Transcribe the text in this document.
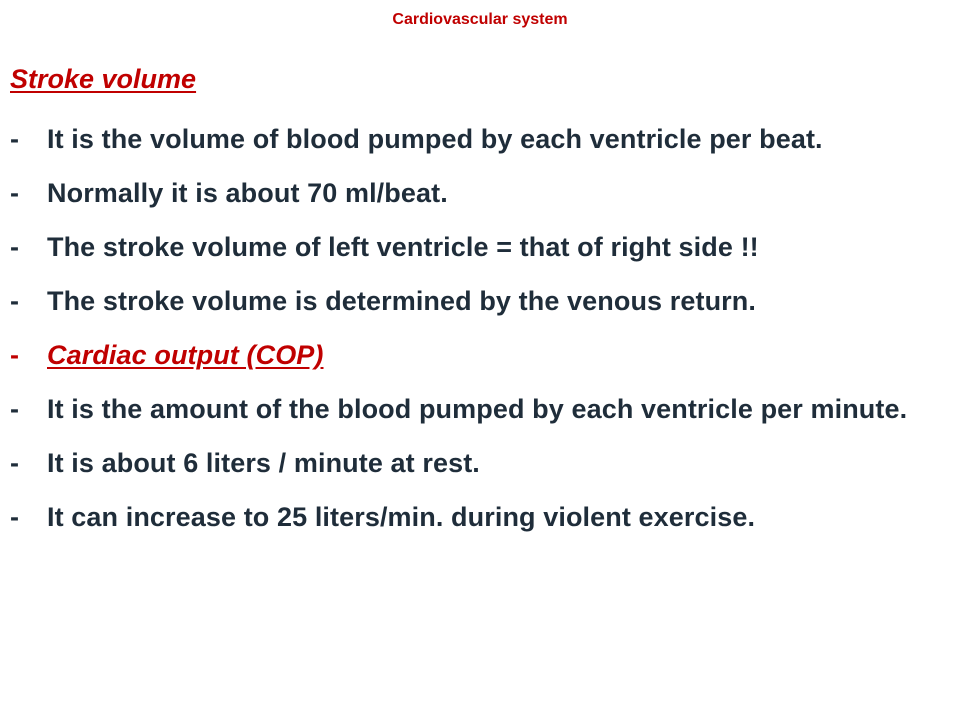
Cardiovascular system
Stroke volume
-	It is the volume of blood pumped by each ventricle per beat.
-	Normally it is about 70 ml/beat.
-	The stroke volume of left ventricle = that of right side !!
-	The stroke volume is determined by the venous return.
-	Cardiac output (COP)
-	It is the amount of the blood pumped by each ventricle per minute.
-	It is about 6 liters / minute at rest.
-	It can increase to 25 liters/min. during violent exercise.
